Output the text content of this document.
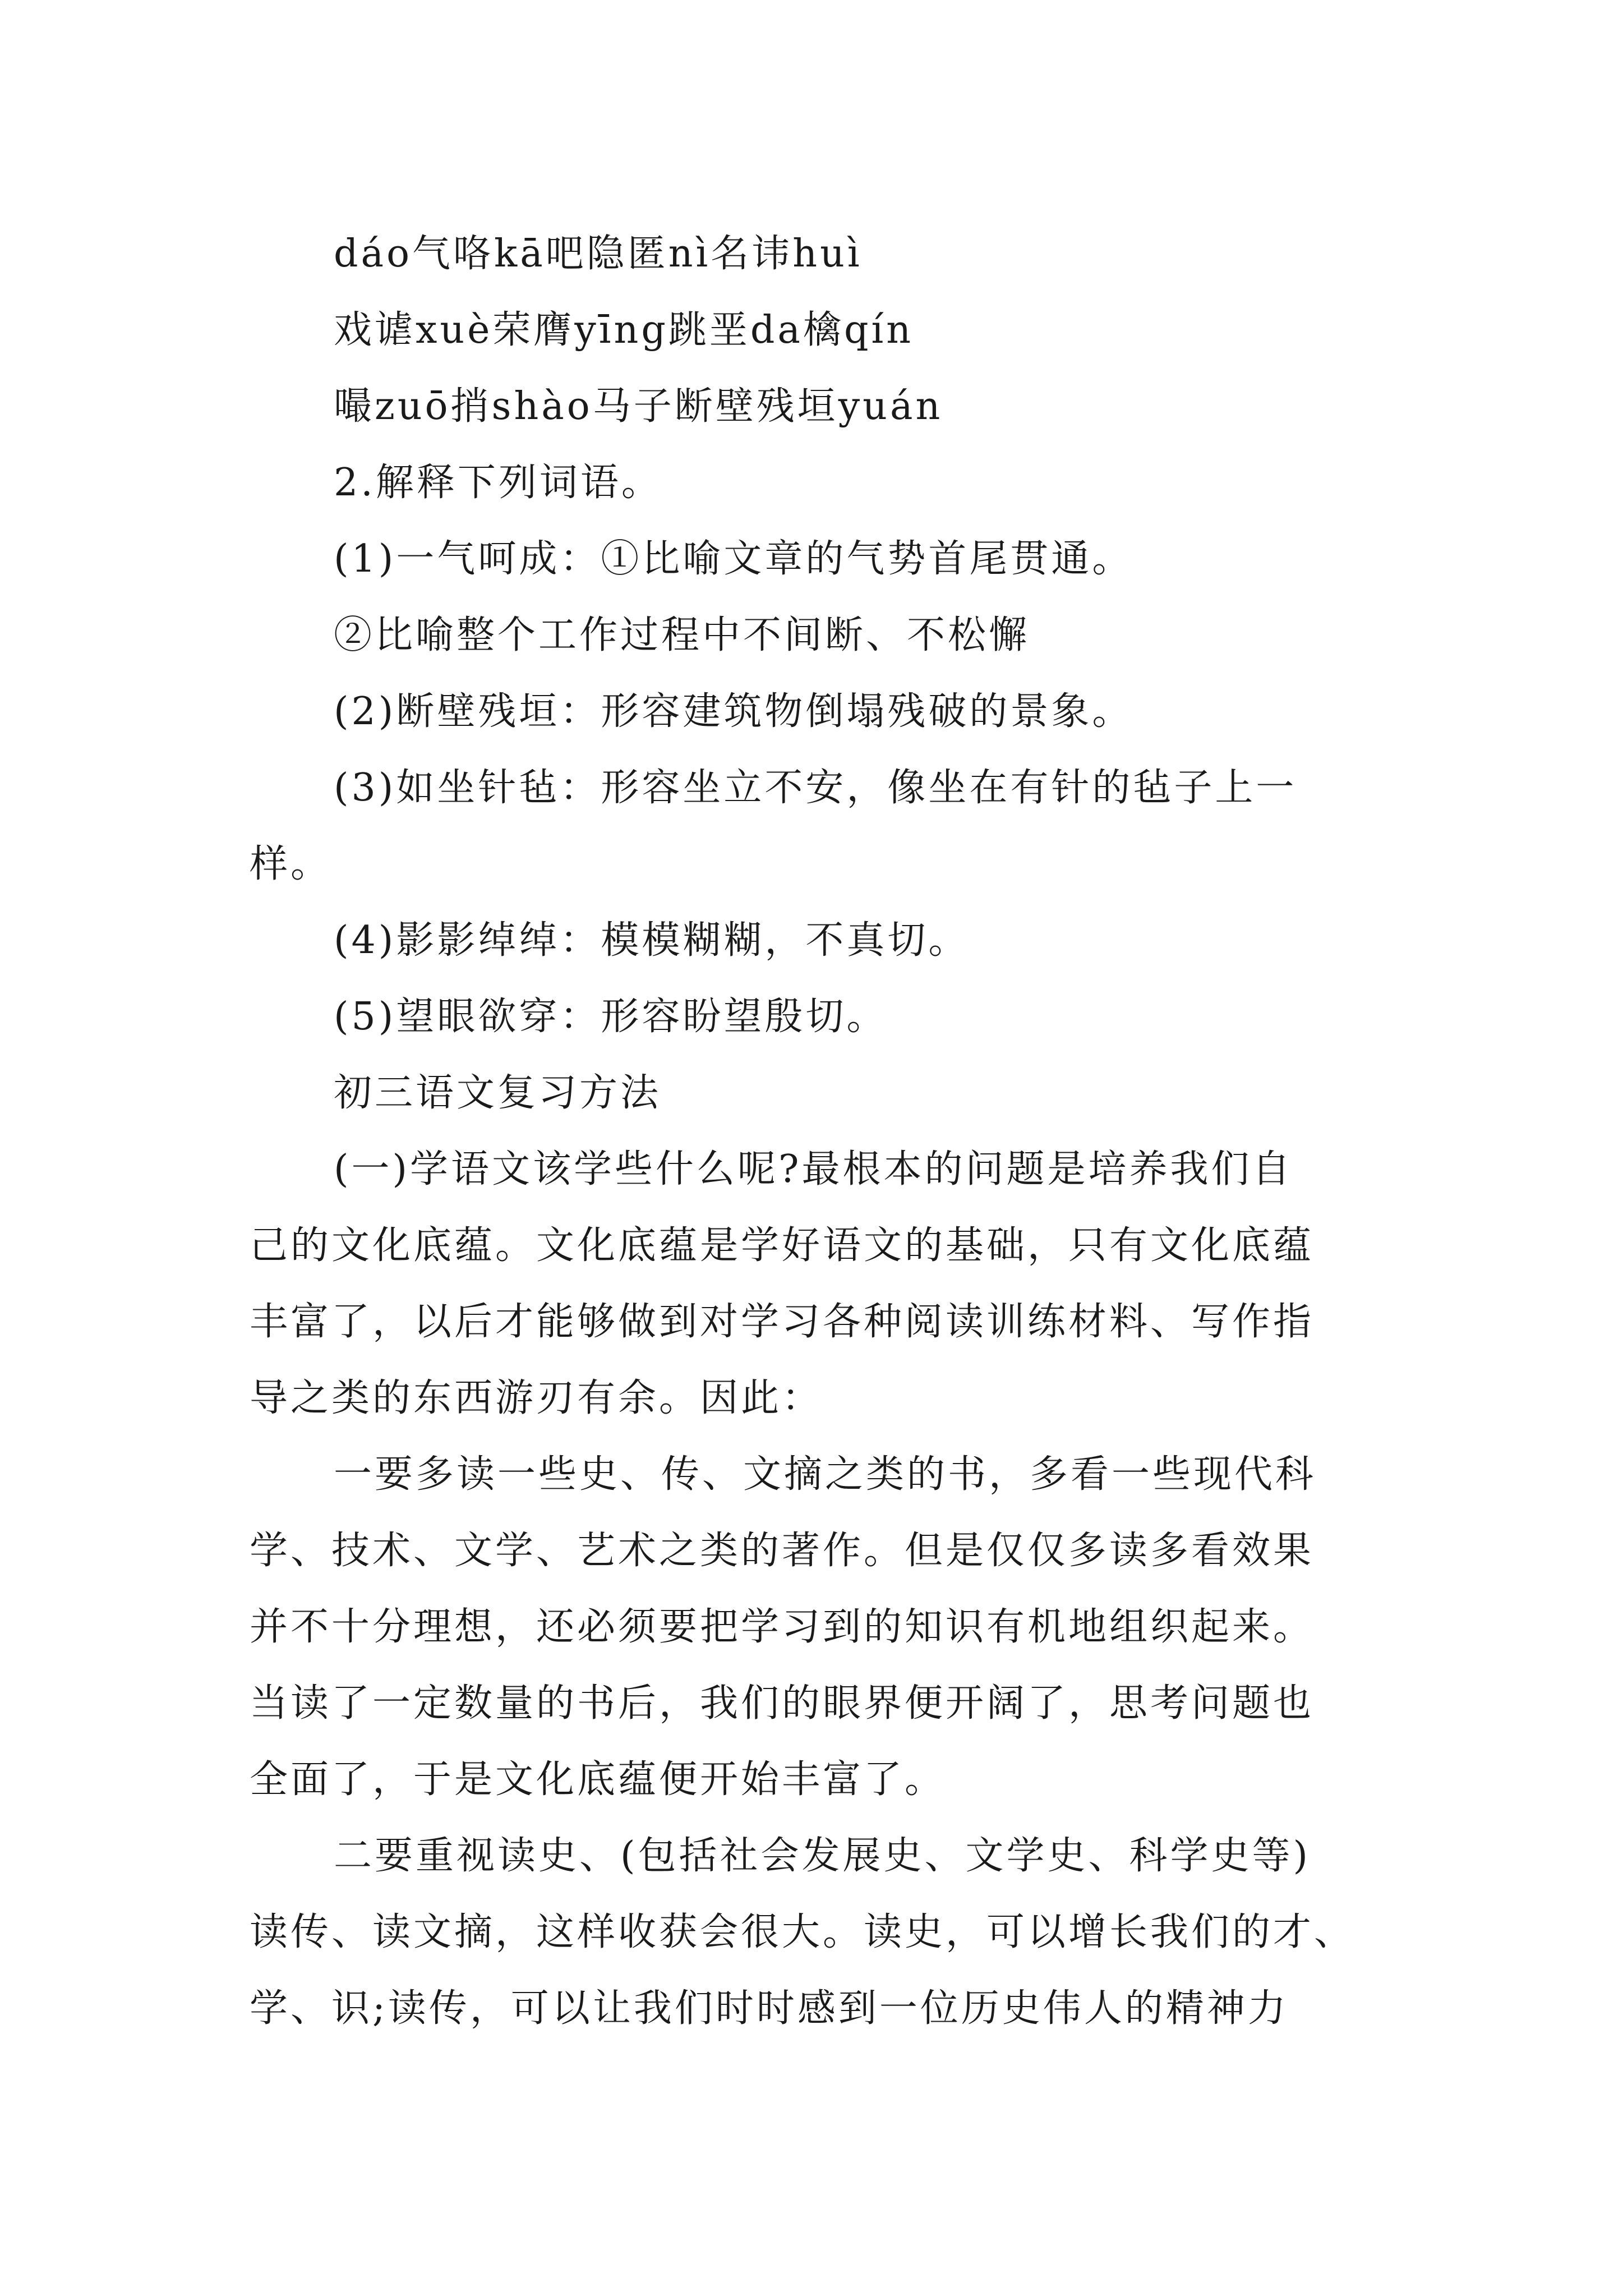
dáo气咯kā吧隐匿nì名讳huì
戏谑xuè荣膺yīng跳垩da檎qín
嘬zuō捎shào马子断壁残垣yuán
2.解释下列词语。
(1)一气呵成：①比喻文章的气势首尾贯通。
②比喻整个工作过程中不间断、不松懈
(2)断壁残垣：形容建筑物倒塌残破的景象。
(3)如坐针毡：形容坐立不安，像坐在有针的毡子上一
样。
(4)影影绰绰：模模糊糊，不真切。
(5)望眼欲穿：形容盼望殷切。
初三语文复习方法
(一)学语文该学些什么呢?最根本的问题是培养我们自
己的文化底蕴。文化底蕴是学好语文的基础，只有文化底蕴
丰富了，以后才能够做到对学习各种阅读训练材料、写作指
导之类的东西游刃有余。因此：
一要多读一些史、传、文摘之类的书，多看一些现代科
学、技术、文学、艺术之类的著作。但是仅仅多读多看效果
并不十分理想，还必须要把学习到的知识有机地组织起来。
当读了一定数量的书后，我们的眼界便开阔了，思考问题也
全面了，于是文化底蕴便开始丰富了。
二要重视读史、(包括社会发展史、文学史、科学史等)
读传、读文摘，这样收获会很大。读史，可以增长我们的才、
学、识;读传，可以让我们时时感到一位历史伟人的精神力
